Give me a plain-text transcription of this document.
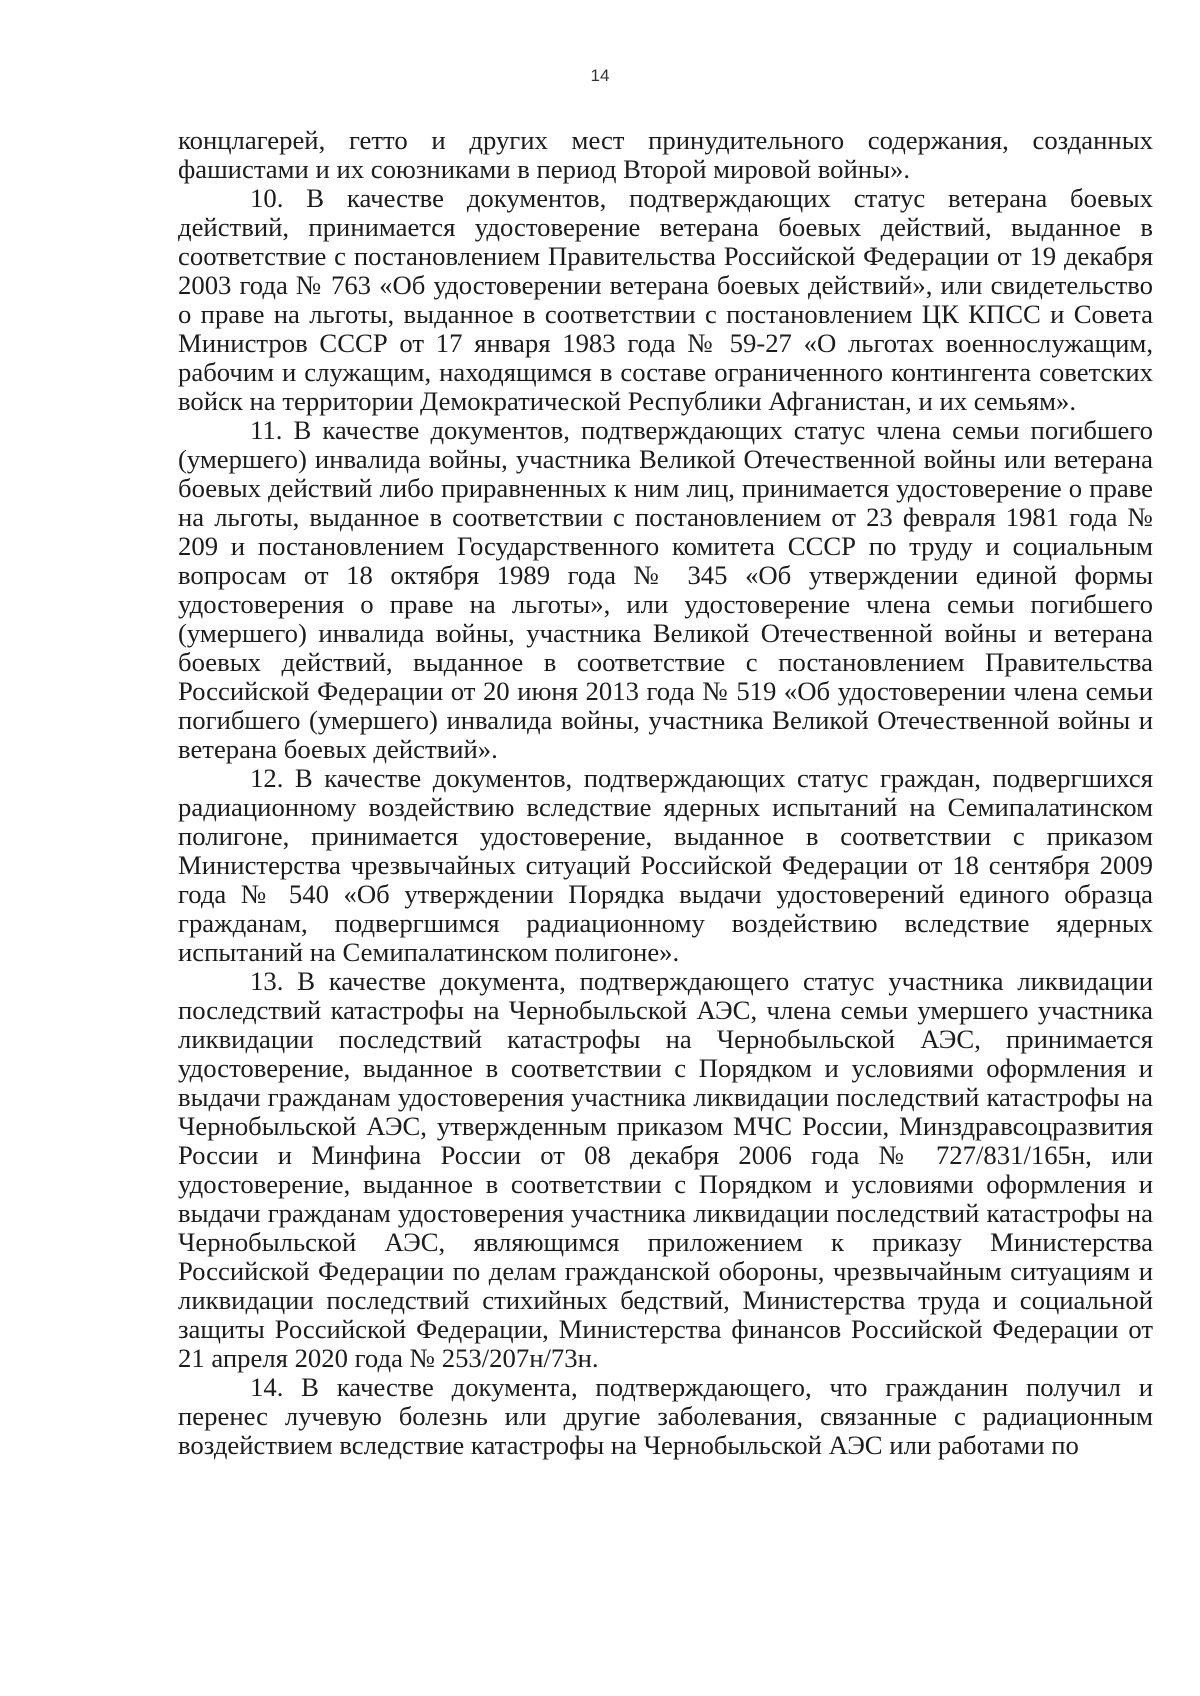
14

концлагерей, гетто и других мест принудительного содержания, созданных фашистами и их союзниками в период Второй мировой войны».

10. В качестве документов, подтверждающих статус ветерана боевых действий, принимается удостоверение ветерана боевых действий, выданное в соответствие с постановлением Правительства Российской Федерации от 19 декабря 2003 года № 763 «Об удостоверении ветерана боевых действий», или свидетельство о праве на льготы, выданное в соответствии с постановлением ЦК КПСС и Совета Министров СССР от 17 января 1983 года № 59-27 «О льготах военнослужащим, рабочим и служащим, находящимся в составе ограниченного контингента советских войск на территории Демократической Республики Афганистан, и их семьям».

11. В качестве документов, подтверждающих статус члена семьи погибшего (умершего) инвалида войны, участника Великой Отечественной войны или ветерана боевых действий либо приравненных к ним лиц, принимается удостоверение о праве на льготы, выданное в соответствии с постановлением от 23 февраля 1981 года № 209 и постановлением Государственного комитета СССР по труду и социальным вопросам от 18 октября 1989 года № 345 «Об утверждении единой формы удостоверения о праве на льготы», или удостоверение члена семьи погибшего (умершего) инвалида войны, участника Великой Отечественной войны и ветерана боевых действий, выданное в соответствие с постановлением Правительства Российской Федерации от 20 июня 2013 года № 519 «Об удостоверении члена семьи погибшего (умершего) инвалида войны, участника Великой Отечественной войны и ветерана боевых действий».

12. В качестве документов, подтверждающих статус граждан, подвергшихся радиационному воздействию вследствие ядерных испытаний на Семипалатинском полигоне, принимается удостоверение, выданное в соответствии с приказом Министерства чрезвычайных ситуаций Российской Федерации от 18 сентября 2009 года № 540 «Об утверждении Порядка выдачи удостоверений единого образца гражданам, подвергшимся радиационному воздействию вследствие ядерных испытаний на Семипалатинском полигоне».

13. В качестве документа, подтверждающего статус участника ликвидации последствий катастрофы на Чернобыльской АЭС, члена семьи умершего участника ликвидации последствий катастрофы на Чернобыльской АЭС, принимается удостоверение, выданное в соответствии с Порядком и условиями оформления и выдачи гражданам удостоверения участника ликвидации последствий катастрофы на Чернобыльской АЭС, утвержденным приказом МЧС России, Минздравсоцразвития России и Минфина России от 08 декабря 2006 года № 727/831/165н, или удостоверение, выданное в соответствии с Порядком и условиями оформления и выдачи гражданам удостоверения участника ликвидации последствий катастрофы на Чернобыльской АЭС, являющимся приложением к приказу Министерства Российской Федерации по делам гражданской обороны, чрезвычайным ситуациям и ликвидации последствий стихийных бедствий, Министерства труда и социальной защиты Российской Федерации, Министерства финансов Российской Федерации от 21 апреля 2020 года № 253/207н/73н.

14. В качестве документа, подтверждающего, что гражданин получил и перенес лучевую болезнь или другие заболевания, связанные с радиационным воздействием вследствие катастрофы на Чернобыльской АЭС или работами по
